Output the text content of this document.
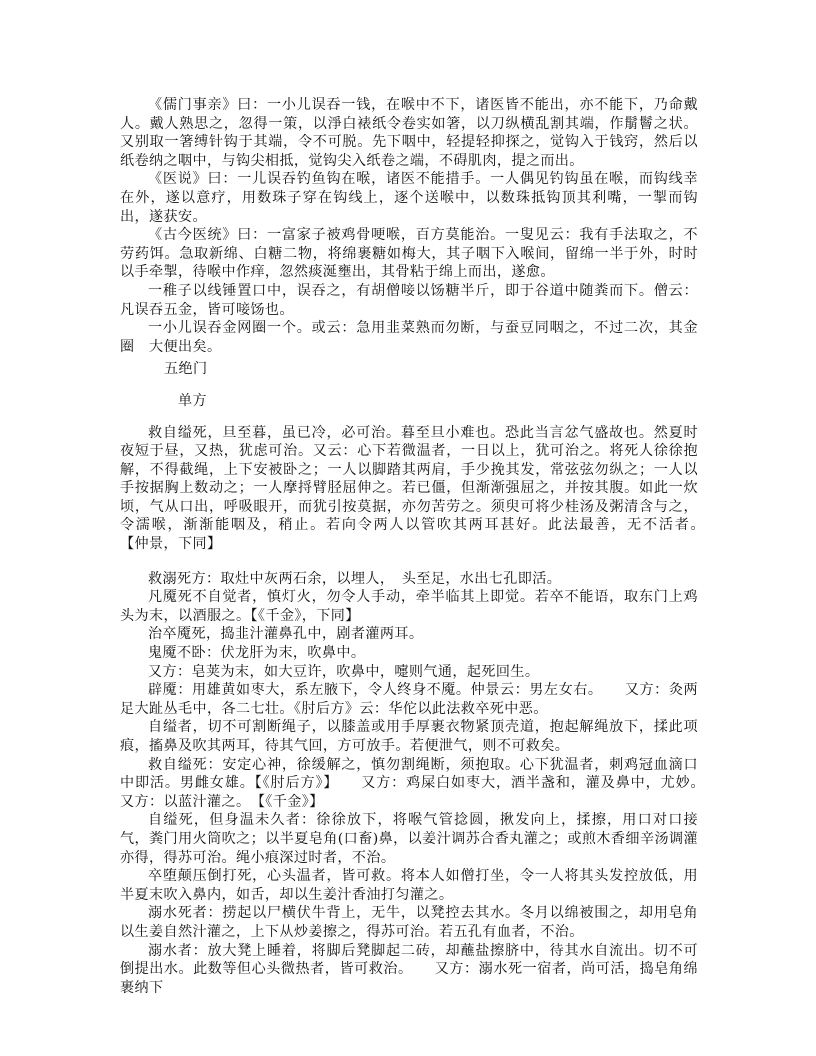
《儒门事亲》曰：一小儿误吞一钱，在喉中不下，诸医皆不能出，亦不能下，乃命戴人。戴人熟思之，忽得一策，以淨白裱纸令卷实如箸，以刀纵横乱割其端，作鬅鬙之状。又别取一箸缚针钩于其端，令不可脱。先下咽中，轻提轻抑探之，觉钩入于钱窍，然后以纸卷纳之咽中，与钩尖相抵，觉钩尖入纸卷之端，不碍肌肉，提之而出。

《医说》曰：一儿误吞钓鱼钩在喉，诸医不能措手。一人偶见钓钩虽在喉，而钩线幸在外，遂以意疗，用数珠子穿在钩线上，逐个送喉中，以数珠抵钩顶其利嘴，一掣而钩出，遂获安。

《古今医统》曰：一富家子被鸡骨哽喉，百方莫能治。一叟见云：我有手法取之，不劳药饵。急取新绵、白糖二物，将绵裹糖如梅大，其子咽下入喉间，留绵一半于外，时时以手牵掣，待喉中作痒，忽然痰涎壅出，其骨粘于绵上而出，遂愈。

一稚子以线锤置口中，误吞之，有胡僧唼以饧糖半斤，即于谷道中随粪而下。僧云：凡误吞五金，皆可唼饧也。

一小儿误吞金网圈一个。或云：急用韭菜熟而勿断，与蚕豆同咽之，不过二次，其金圈　大便出矣。

五绝门

单方

救自缢死，旦至暮，虽已冷，必可治。暮至旦小难也。恐此当言忿气盛故也。然夏时夜短于昼，又热，犹虑可治。又云：心下若微温者，一日以上，犹可治之。将死人徐徐抱解，不得截绳，上下安被卧之；一人以脚踏其两肩，手少挽其发，常弦弦勿纵之；一人以手按据胸上数动之；一人摩捋臂胫屈伸之。若已僵，但渐渐强屈之，并按其腹。如此一炊顷，气从口出，呼吸眼开，而犹引按莫据，亦勿苦劳之。须臾可将少桂汤及粥清含与之，令濡喉，渐渐能咽及，稍止。若向令两人以管吹其两耳甚好。此法最善，无不活者。　　【仲景，下同】

救溺死方：取灶中灰两石余，以埋人，　头至足，水出七孔即活。

凡魇死不自觉者，慎灯火，勿令人手动，牵半临其上即觉。若卒不能语，取东门上鸡头为末，以酒服之。【《千金》，下同】

治卒魇死，捣韭汁灌鼻孔中，剧者灌两耳。

鬼魇不卧：伏龙肝为末，吹鼻中。

又方：皂荚为末，如大豆许，吹鼻中，嚏则气通，起死回生。

辟魇：用雄黄如枣大，系左腋下，令人终身不魇。仲景云：男左女右。　　又方：灸两足大趾丛毛中，各二七壮。《肘后方》云：华佗以此法救卒死中恶。

自缢者，切不可割断绳子，以膝盖或用手厚裹衣物紧顶壳道，抱起解绳放下，揉此项痕，搐鼻及吹其两耳，待其气回，方可放手。若便泄气，则不可救矣。

救自缢死：安定心神，徐缓解之，慎勿割绳断，须抱取。心下犹温者，刺鸡冠血滴口中即活。男雌女雄。【《肘后方》】　　又方：鸡屎白如枣大，酒半盏和，灌及鼻中，尤妙。　　又方：以蓝汁灌之。　【《千金》】

自缢死，但身温未久者：徐徐放下，将喉气管捻圆，揪发向上，揉擦，用口对口接气，粪门用火筒吹之；以半夏皂角(口畜)鼻，以姜汁调苏合香丸灌之；或煎木香细辛汤调灌亦得，得苏可治。绳小痕深过时者，不治。

卒堕颠压倒打死，心头温者，皆可救。将本人如僧打坐，令一人将其头发控放低，用半夏末吹入鼻内，如舌，却以生姜汁香油打匀灌之。

溺水死者：捞起以尸横伏牛背上，无牛，以凳控去其水。冬月以绵被围之，却用皂角以生姜自然汁灌之，上下从炒姜擦之，得苏可治。若五孔有血者，不治。

溺水者：放大凳上睡着，将脚后凳脚起二砖，却蘸盐擦脐中，待其水自流出。切不可倒提出水。此数等但心头微热者，皆可救治。　　又方：溺水死一宿者，尚可活，捣皂角绵裹纳下
